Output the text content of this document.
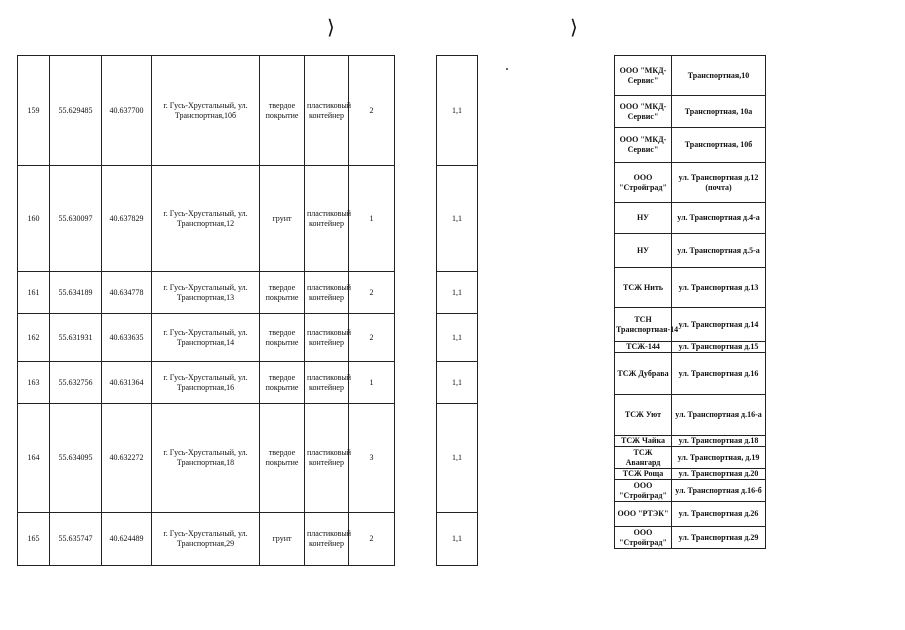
⟩	⟩
159	55.629485	40.637700	г. Гусь-Хрустальный, ул. Транспортная,10б	твердое покрытие	пластиковый контейнер	2
160	55.630097	40.637829	г. Гусь-Хрустальный, ул. Транспортная,12	грунт	пластиковый контейнер	1
161	55.634189	40.634778	г. Гусь-Хрустальный, ул. Транспортная,13	твердое покрытие	пластиковый контейнер	2
162	55.631931	40.633635	г. Гусь-Хрустальный, ул. Транспортная,14	твердое покрытие	пластиковый контейнер	2
163	55.632756	40.631364	г. Гусь-Хрустальный, ул. Транспортная,16	твердое покрытие	пластиковый контейнер	1
164	55.634095	40.632272	г. Гусь-Хрустальный, ул. Транспортная,18	твердое покрытие	пластиковый контейнер	3
165	55.635747	40.624489	г. Гусь-Хрустальный, ул. Транспортная,29	грунт	пластиковый контейнер	2
1,1
1,1
1,1
1,1
1,1
1,1
1,1
ООО "МКД-Сервис"	Транспортная,10
ООО "МКД-Сервис"	Транспортная, 10а
ООО "МКД-Сервис"	Транспортная, 10б
ООО "Стройград"	ул. Транспортная д.12 (почта)
НУ	ул. Транспортная д.4-а
НУ	ул. Транспортная д.5-а
ТСЖ Нить	ул. Транспортная д.13
ТСН Транспортная-14	ул. Транспортная д.14
ТСЖ-144	ул. Транспортная д.15
ТСЖ Дубрава	ул. Транспортная д.16
ТСЖ Уют	ул. Транспортная д.16-а
ТСЖ Чайка	ул. Транспортная д.18
ТСЖ Авангард	ул. Транспортная, д.19
ТСЖ Роща	ул. Транспортная д.20
ООО "Стройград"	ул. Транспортная д.16-б
ООО "РТЭК"	ул. Транспортная д.26
ООО "Стройград"	ул. Транспортная д.29
